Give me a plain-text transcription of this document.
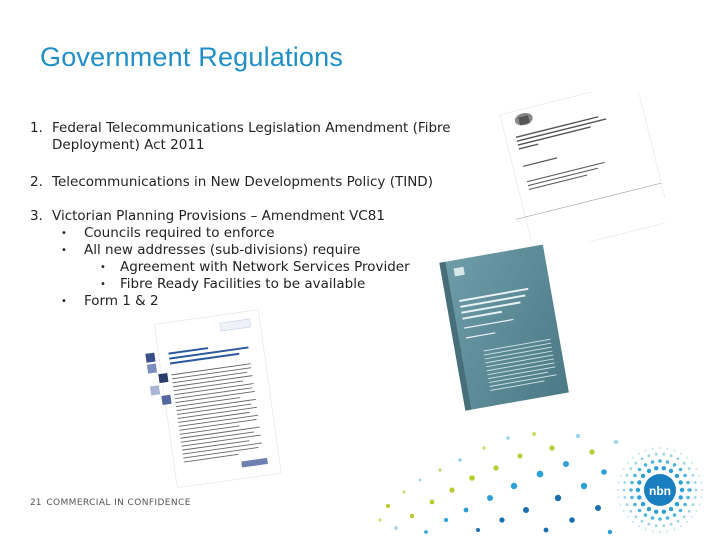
Government Regulations
1. Federal Telecommunications Legislation Amendment (Fibre Deployment) Act 2011
2. Telecommunications in New Developments Policy (TIND)
3. Victorian Planning Provisions – Amendment VC81
• Councils required to enforce
• All new addresses (sub-divisions) require
• Agreement with Network Services Provider
• Fibre Ready Facilities to be available
• Form 1 & 2
nbn
21 COMMERCIAL IN CONFIDENCE
